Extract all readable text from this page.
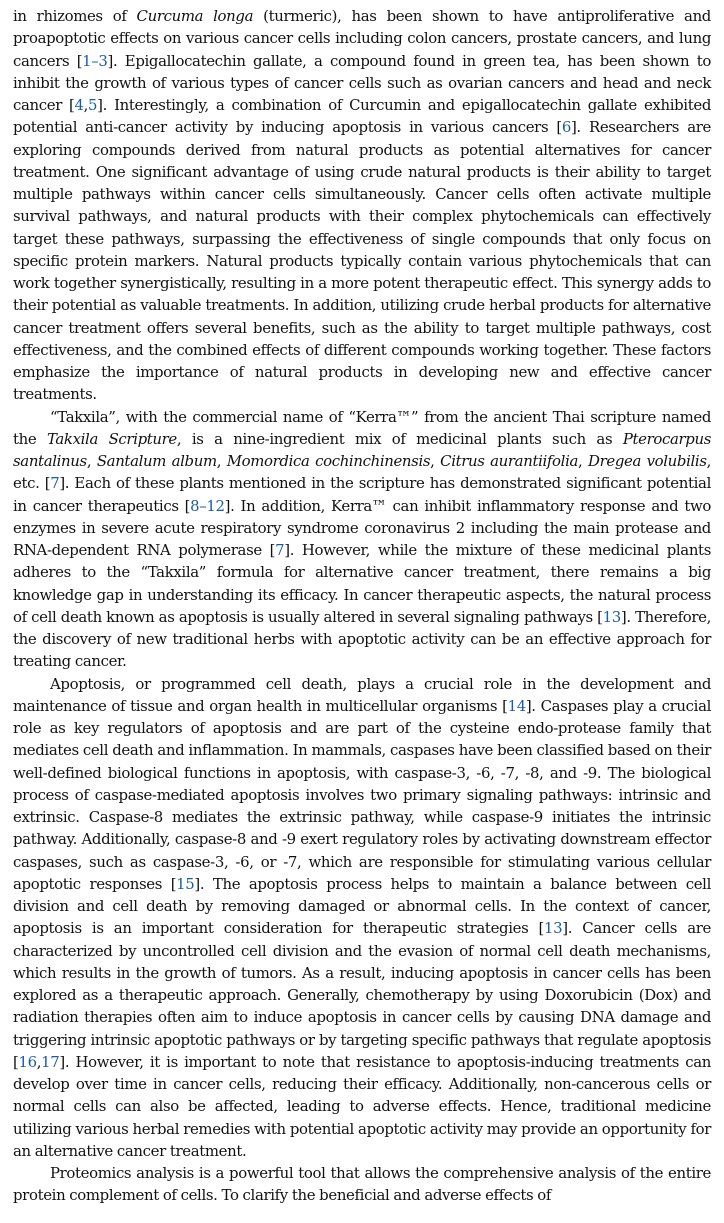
in rhizomes of Curcuma longa (turmeric), has been shown to have antiproliferative and proapoptotic effects on various cancer cells including colon cancers, prostate cancers, and lung cancers [1–3]. Epigallocatechin gallate, a compound found in green tea, has been shown to inhibit the growth of various types of cancer cells such as ovarian cancers and head and neck cancer [4,5]. Interestingly, a combination of Curcumin and epigallocatechin gallate exhibited potential anti-cancer activity by inducing apoptosis in various cancers [6]. Researchers are exploring compounds derived from natural products as potential alternatives for cancer treatment. One significant advantage of using crude natural products is their ability to target multiple pathways within cancer cells simultaneously. Cancer cells often activate multiple survival pathways, and natural products with their complex phytochemicals can effectively target these pathways, surpassing the effectiveness of single compounds that only focus on specific protein markers. Natural products typically contain various phytochemicals that can work together synergistically, resulting in a more potent therapeutic effect. This synergy adds to their potential as valuable treatments. In addition, utilizing crude herbal products for alternative cancer treatment offers several benefits, such as the ability to target multiple pathways, cost effectiveness, and the combined effects of different compounds working together. These factors emphasize the importance of natural products in developing new and effective cancer treatments.

“Takxila”, with the commercial name of “Kerra™” from the ancient Thai scripture named the Takxila Scripture, is a nine-ingredient mix of medicinal plants such as Pterocarpus santalinus, Santalum album, Momordica cochinchinensis, Citrus aurantiifolia, Dregea volubilis, etc. [7]. Each of these plants mentioned in the scripture has demonstrated significant potential in cancer therapeutics [8–12]. In addition, Kerra™ can inhibit inflammatory response and two enzymes in severe acute respiratory syndrome coronavirus 2 including the main protease and RNA-dependent RNA polymerase [7]. However, while the mixture of these medicinal plants adheres to the “Takxila” formula for alternative cancer treatment, there remains a big knowledge gap in understanding its efficacy. In cancer therapeutic aspects, the natural process of cell death known as apoptosis is usually altered in several signaling pathways [13]. Therefore, the discovery of new traditional herbs with apoptotic activity can be an effective approach for treating cancer.

Apoptosis, or programmed cell death, plays a crucial role in the development and maintenance of tissue and organ health in multicellular organisms [14]. Caspases play a crucial role as key regulators of apoptosis and are part of the cysteine endo-protease family that mediates cell death and inflammation. In mammals, caspases have been classified based on their well-defined biological functions in apoptosis, with caspase-3, -6, -7, -8, and -9. The biological process of caspase-mediated apoptosis involves two primary signaling pathways: intrinsic and extrinsic. Caspase-8 mediates the extrinsic pathway, while caspase-9 initiates the intrinsic pathway. Additionally, caspase-8 and -9 exert regulatory roles by activating downstream effector caspases, such as caspase-3, -6, or -7, which are responsible for stimulating various cellular apoptotic responses [15]. The apoptosis process helps to maintain a balance between cell division and cell death by removing damaged or abnormal cells. In the context of cancer, apoptosis is an important consideration for therapeutic strategies [13]. Cancer cells are characterized by uncontrolled cell division and the evasion of normal cell death mechanisms, which results in the growth of tumors. As a result, inducing apoptosis in cancer cells has been explored as a therapeutic approach. Generally, chemotherapy by using Doxorubicin (Dox) and radiation therapies often aim to induce apoptosis in cancer cells by causing DNA damage and triggering intrinsic apoptotic pathways or by targeting specific pathways that regulate apoptosis [16,17]. However, it is important to note that resistance to apoptosis-inducing treatments can develop over time in cancer cells, reducing their efficacy. Additionally, non-cancerous cells or normal cells can also be affected, leading to adverse effects. Hence, traditional medicine utilizing various herbal remedies with potential apoptotic activity may provide an opportunity for an alternative cancer treatment.

Proteomics analysis is a powerful tool that allows the comprehensive analysis of the entire protein complement of cells. To clarify the beneficial and adverse effects of
